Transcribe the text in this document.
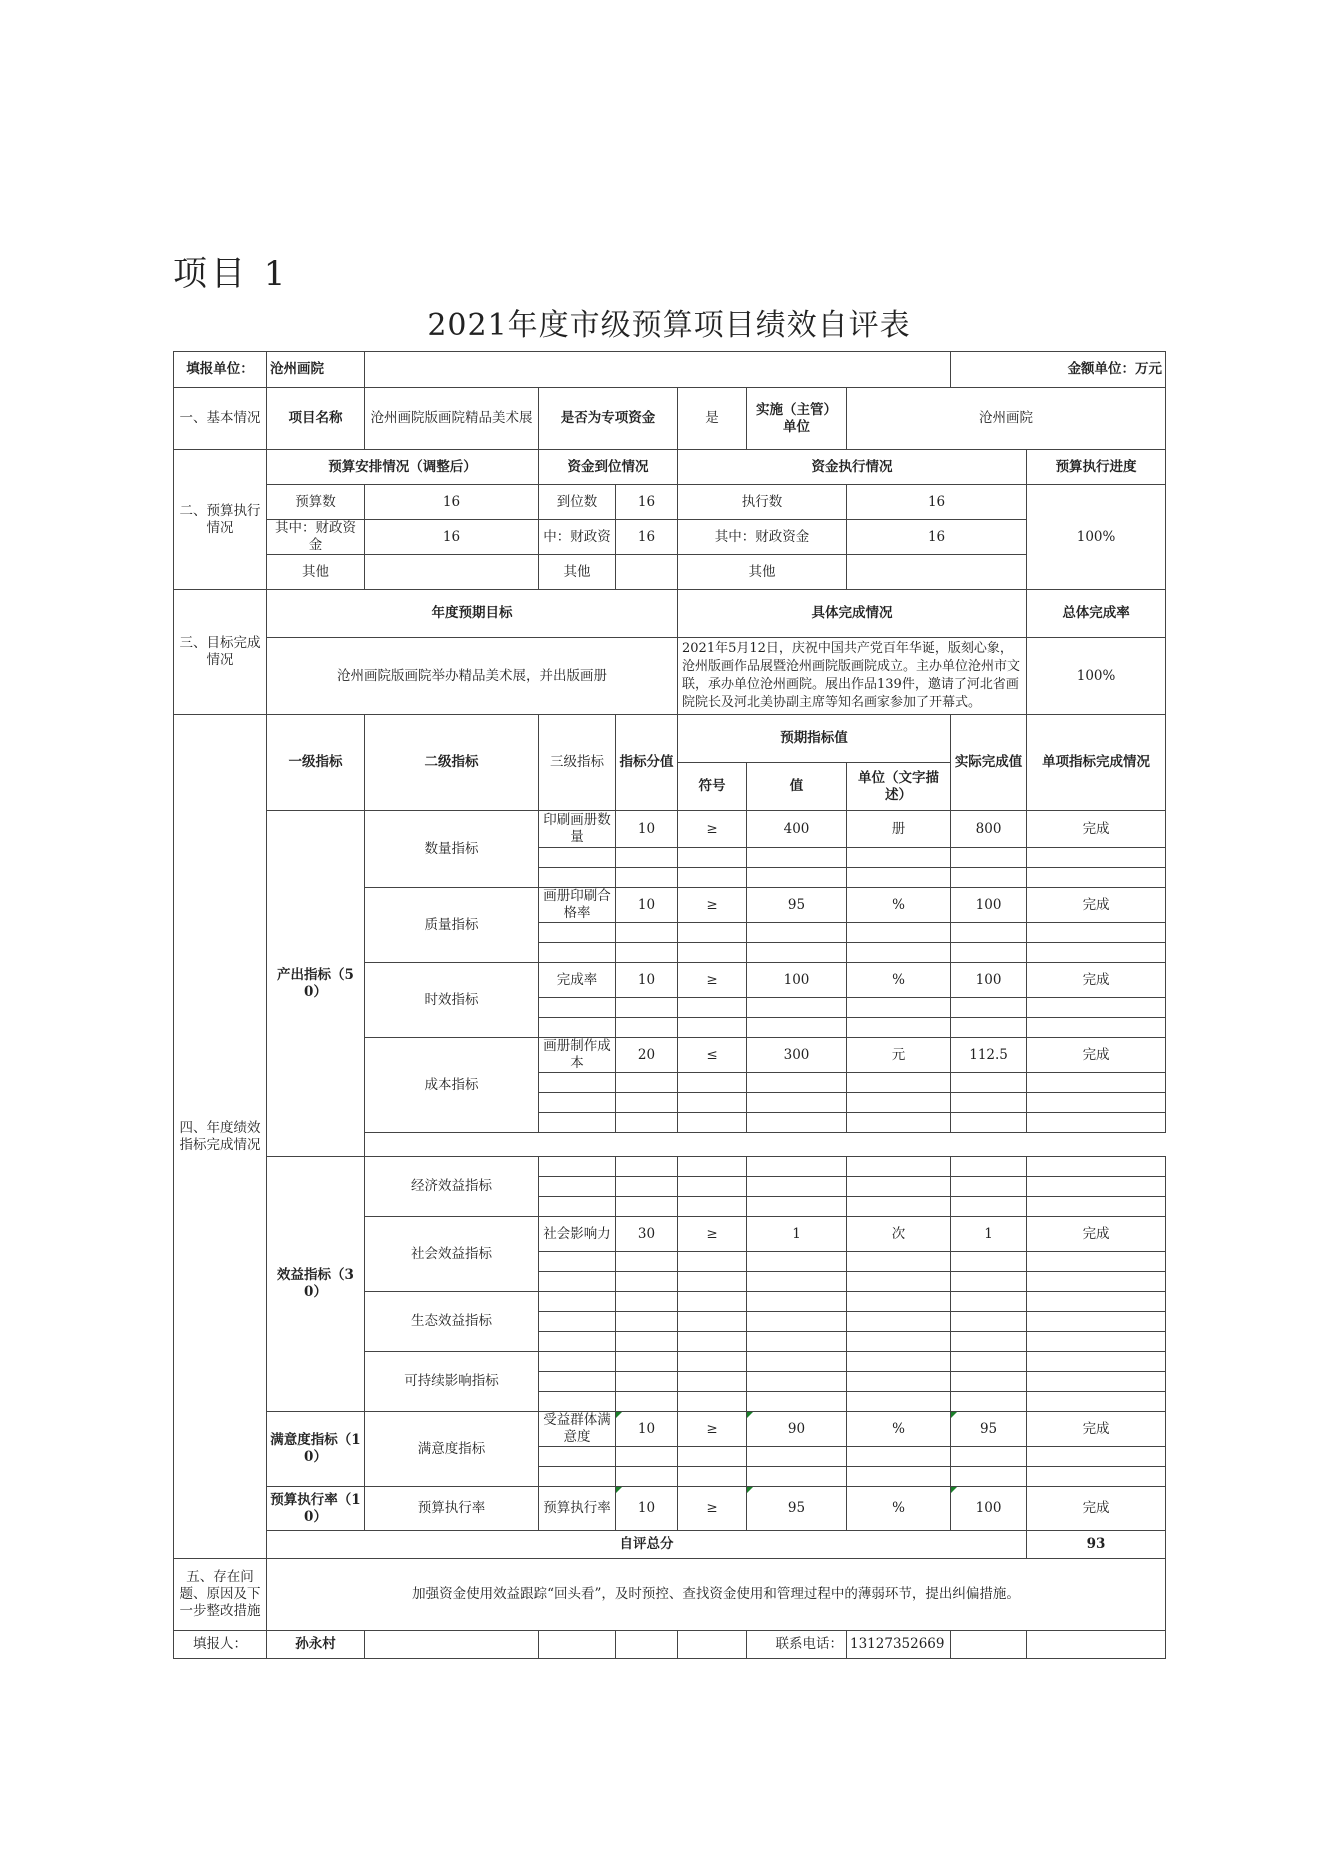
项目 1
2021年度市级预算项目绩效自评表
填报单位：	沧州画院							金额单位：万元		
一、基本情况	项目名称	沧州画院版画院精品美术展	是否为专项资金		是	实施（主管）单位	沧州画院			
二、预算执行情况	预算安排情况（调整后）		资金到位情况		资金执行情况				预算执行进度	
	预算数	16	到位数	16	执行数		16		100%	
	其中：财政资金	16	中：财政资	16	其中：财政资金		16			
	其他		其他		其他					
三、目标完成情况	年度预期目标				具体完成情况				总体完成率	
	沧州画院版画院举办精品美术展，并出版画册				2021年5月12日，庆祝中国共产党百年华诞，版刻心象，沧州版画作品展暨沧州画院版画院成立。主办单位沧州市文联，承办单位沧州画院。展出作品139件，邀请了河北省画院院长及河北美协副主席等知名画家参加了开幕式。				100%	
四、年度绩效指标完成情况	一级指标	二级指标	三级指标	指标分值	预期指标值			实际完成值	单项指标完成情况	
					符号	值	单位（文字描述）			
	产出指标（50）	数量指标	印刷画册数量	10	≥	400	册	800	完成	

		质量指标	画册印刷合格率	10	≥	95	%	100	完成	

		时效指标	完成率	10	≥	100	%	100	完成	

		成本指标	画册制作成本	20	≤	300	元	112.5	完成	

	效益指标（30）	经济效益指标								

		社会效益指标	社会影响力	30	≥	1	次	1	完成	

		生态效益指标								

		可持续影响指标								

	满意度指标（10）	满意度指标	受益群体满意度	10	≥	90	%	95	完成	

	预算执行率（10）	预算执行率	预算执行率	10	≥	95	%	100	完成	
	自评总分								93	
五、存在问题、原因及下一步整改措施	加强资金使用效益跟踪“回头看”，及时预控、查找资金使用和管理过程中的薄弱环节，提出纠偏措施。									
填报人：	孙永村					联系电话：	13127352669			
